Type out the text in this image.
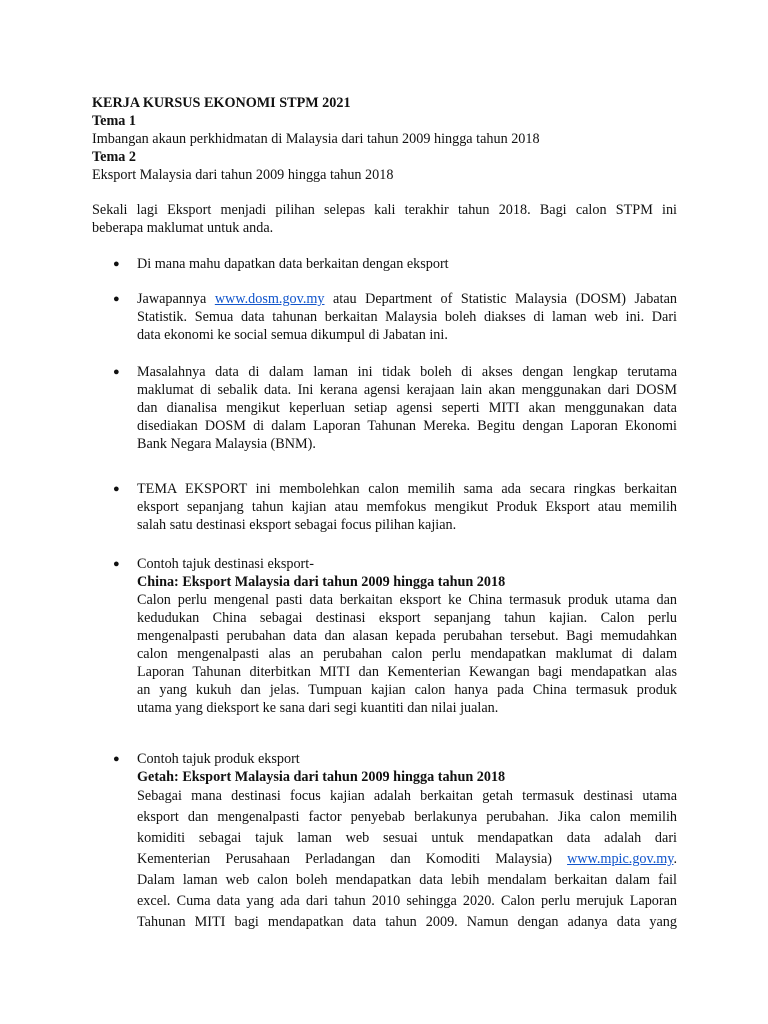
KERJA KURSUS EKONOMI STPM 2021
Tema 1
Imbangan akaun perkhidmatan di Malaysia dari tahun 2009 hingga tahun 2018
Tema 2
Eksport Malaysia dari tahun 2009 hingga tahun 2018
Sekali lagi Eksport menjadi pilihan selepas kali terakhir tahun 2018. Bagi calon STPM ini
beberapa maklumat untuk anda.
● Di mana mahu dapatkan data berkaitan dengan eksport
● Jawapannya www.dosm.gov.my atau Department of Statistic Malaysia (DOSM) Jabatan
Statistik. Semua data tahunan berkaitan Malaysia boleh diakses di laman web ini. Dari
data ekonomi ke social semua dikumpul di Jabatan ini.
● Masalahnya data di dalam laman ini tidak boleh di akses dengan lengkap terutama
maklumat di sebalik data. Ini kerana agensi kerajaan lain akan menggunakan dari DOSM
dan dianalisa mengikut keperluan setiap agensi seperti MITI akan menggunakan data
disediakan DOSM di dalam Laporan Tahunan Mereka. Begitu dengan Laporan Ekonomi
Bank Negara Malaysia (BNM).
● TEMA EKSPORT ini membolehkan calon memilih sama ada secara ringkas berkaitan
eksport sepanjang tahun kajian atau memfokus mengikut Produk Eksport atau memilih
salah satu destinasi eksport sebagai focus pilihan kajian.
● Contoh tajuk destinasi eksport-
China: Eksport Malaysia dari tahun 2009 hingga tahun 2018
Calon perlu mengenal pasti data berkaitan eksport ke China termasuk produk utama dan
kedudukan China sebagai destinasi eksport sepanjang tahun kajian. Calon perlu
mengenalpasti perubahan data dan alasan kepada perubahan tersebut. Bagi memudahkan
calon mengenalpasti alas an perubahan calon perlu mendapatkan maklumat di dalam
Laporan Tahunan diterbitkan MITI dan Kementerian Kewangan bagi mendapatkan alas
an yang kukuh dan jelas. Tumpuan kajian calon hanya pada China termasuk produk
utama yang dieksport ke sana dari segi kuantiti dan nilai jualan.
● Contoh tajuk produk eksport
Getah: Eksport Malaysia dari tahun 2009 hingga tahun 2018
Sebagai mana destinasi focus kajian adalah berkaitan getah termasuk destinasi utama
eksport dan mengenalpasti factor penyebab berlakunya perubahan. Jika calon memilih
komiditi sebagai tajuk laman web sesuai untuk mendapatkan data adalah dari
Kementerian Perusahaan Perladangan dan Komoditi Malaysia) www.mpic.gov.my.
Dalam laman web calon boleh mendapatkan data lebih mendalam berkaitan dalam fail
excel. Cuma data yang ada dari tahun 2010 sehingga 2020. Calon perlu merujuk Laporan
Tahunan MITI bagi mendapatkan data tahun 2009. Namun dengan adanya data yang
